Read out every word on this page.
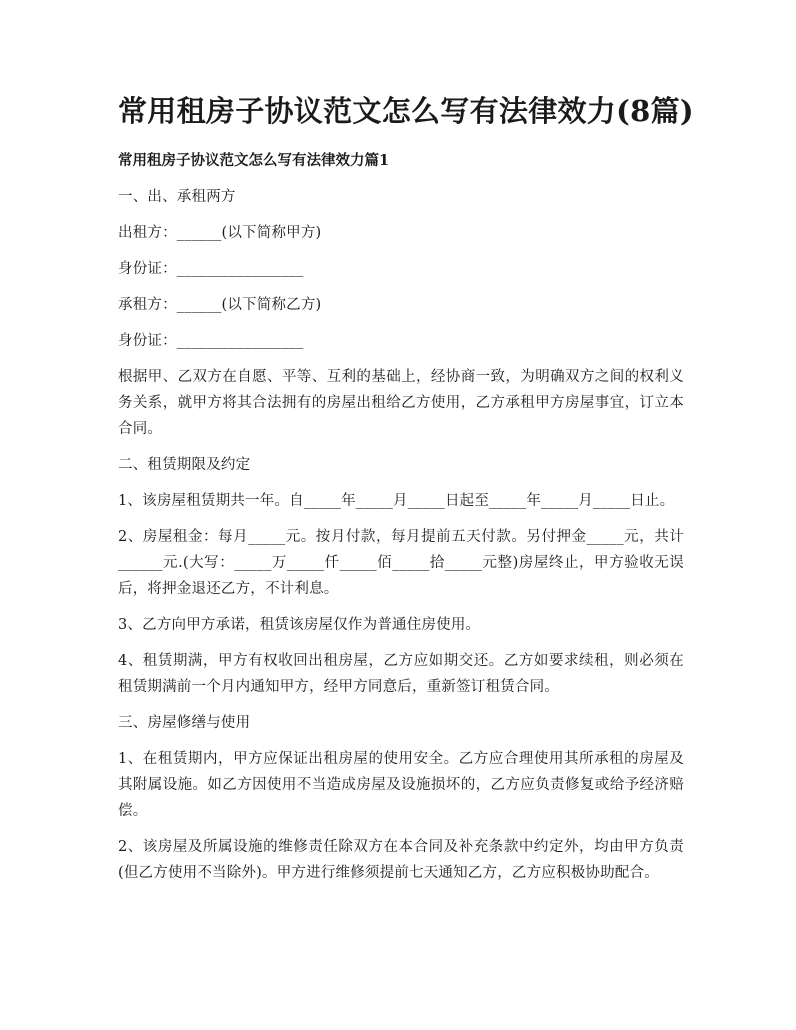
常用租房子协议范文怎么写有法律效力(8篇)

常用租房子协议范文怎么写有法律效力篇1

一、出、承租两方

出租方：______(以下简称甲方)

身份证：_________________

承租方：______(以下简称乙方)

身份证：_________________

根据甲、乙双方在自愿、平等、互利的基础上，经协商一致，为明确双方之间的权利义务关系，就甲方将其合法拥有的房屋出租给乙方使用，乙方承租甲方房屋事宜，订立本合同。

二、租赁期限及约定

1、该房屋租赁期共一年。自_____年_____月_____日起至_____年_____月_____日止。

2、房屋租金：每月_____元。按月付款，每月提前五天付款。另付押金_____元，共计______元.(大写：_____万_____仟_____佰_____拾_____元整)房屋终止，甲方验收无误后，将押金退还乙方，不计利息。

3、乙方向甲方承诺，租赁该房屋仅作为普通住房使用。

4、租赁期满，甲方有权收回出租房屋，乙方应如期交还。乙方如要求续租，则必须在租赁期满前一个月内通知甲方，经甲方同意后，重新签订租赁合同。

三、房屋修缮与使用

1、在租赁期内，甲方应保证出租房屋的使用安全。乙方应合理使用其所承租的房屋及其附属设施。如乙方因使用不当造成房屋及设施损坏的，乙方应负责修复或给予经济赔偿。

2、该房屋及所属设施的维修责任除双方在本合同及补充条款中约定外，均由甲方负责(但乙方使用不当除外)。甲方进行维修须提前七天通知乙方，乙方应积极协助配合。
